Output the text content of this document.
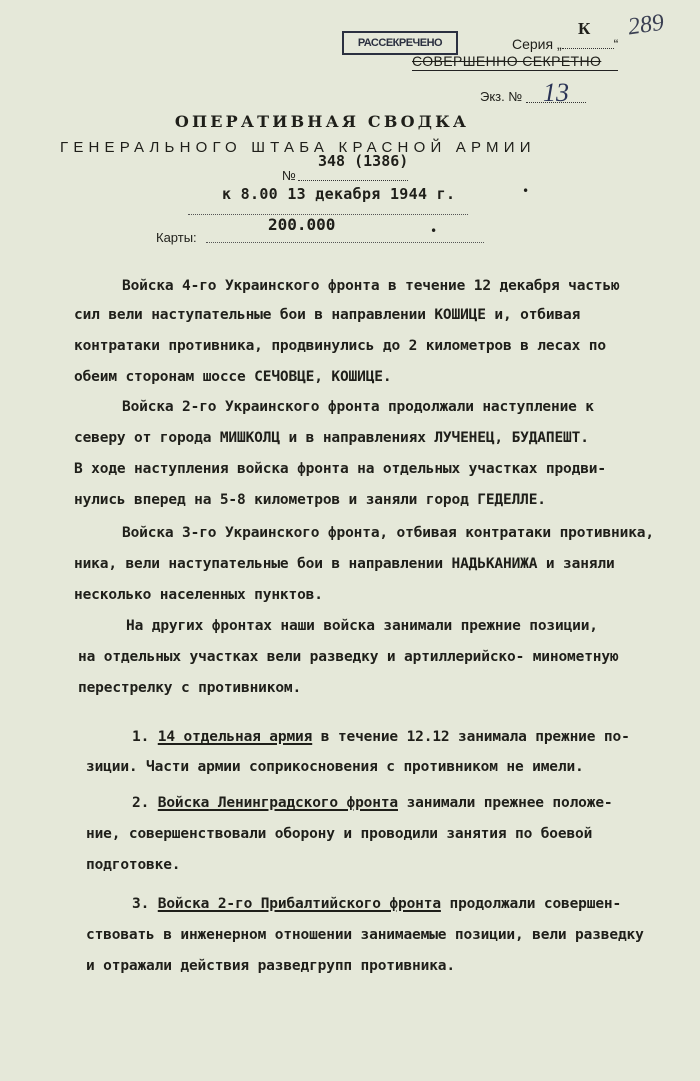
РАССЕКРЕЧЕНО
К 289
Серия „	“
СОВЕРШЕННО СЕКРЕТНО
Экз. № 13
ОПЕРАТИВНАЯ СВОДКА
ГЕНЕРАЛЬНОГО ШТАБА КРАСНОЙ АРМИИ
№
348 (1386)
к 8.00 13 декабря 1944 г.	•
Карты:
200.000	•
Войска 4-го Украинского фронта в течение 12 декабря частью
сил вели наступательные бои в направлении КОШИЦЕ и, отбивая
контратаки противника, продвинулись до 2 километров в лесах по
обеим сторонам шоссе СЕЧОВЦЕ, КОШИЦЕ.
Войска 2-го Украинского фронта продолжали наступление к
северу от города МИШКОЛЦ и в направлениях ЛУЧЕНЕЦ, БУДАПЕШТ.
В ходе наступления войска фронта на отдельных участках продви-
нулись вперед на 5-8 километров и заняли город ГЕДЕЛЛЕ.
Войска 3-го Украинского фронта, отбивая контратаки противника,
ника, вели наступательные бои в направлении НАДЬКАНИЖА и заняли
несколько населенных пунктов.
На других фронтах наши войска занимали прежние позиции,
на отдельных участках вели разведку и артиллерийско- минометную
перестрелку с противником.
1. 14 отдельная армия в течение 12.12 занимала прежние по-
зиции. Части армии соприкосновения с противником не имели.
2. Войска Ленинградского фронта занимали прежнее положе-
ние, совершенствовали оборону и проводили занятия по боевой
подготовке.
3. Войска 2-го Прибалтийского фронта продолжали совершен-
ствовать в инженерном отношении занимаемые позиции, вели разведку
и отражали действия разведгрупп противника.
